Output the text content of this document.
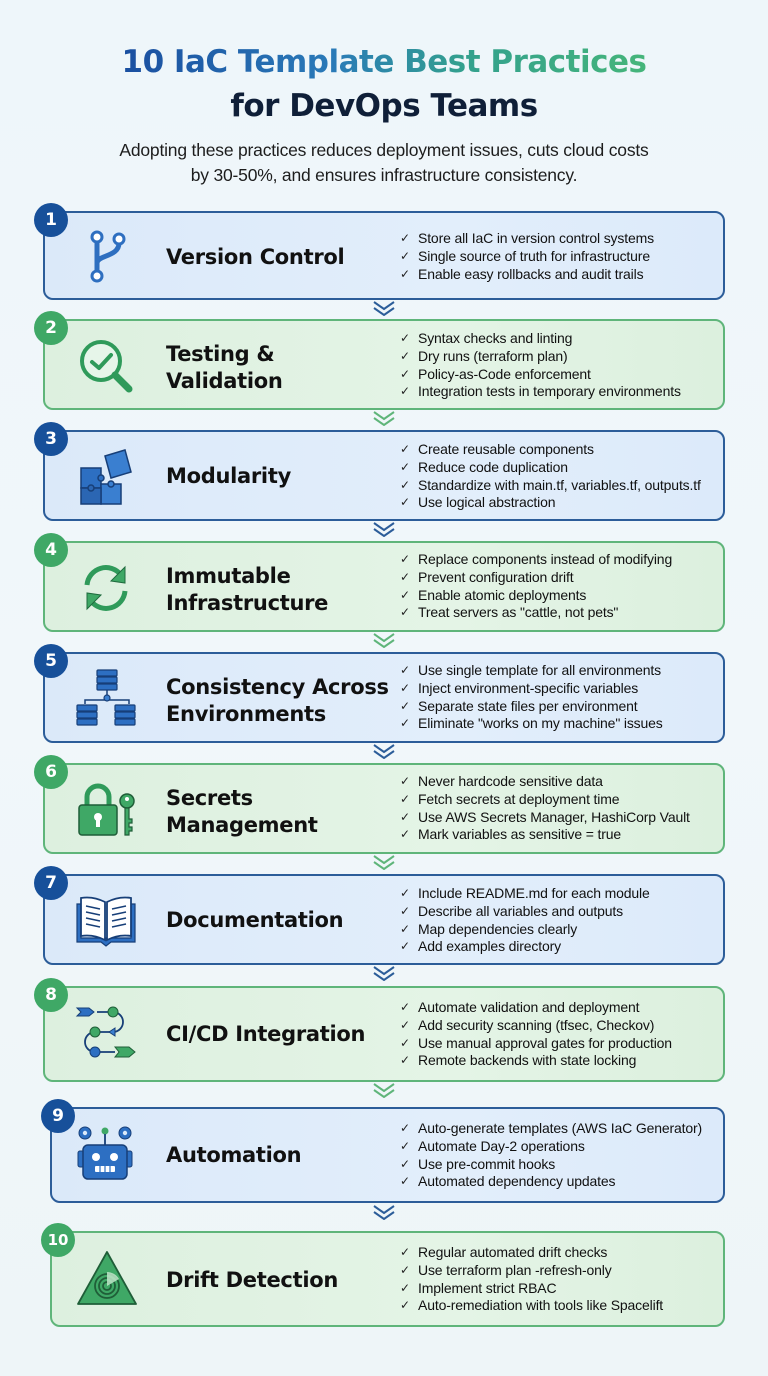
10 IaC Template Best Practices
for DevOps Teams
Adopting these practices reduces deployment issues, cuts cloud costs
by 30-50%, and ensures infrastructure consistency.
1
Version Control
✓ Store all IaC in version control systems
✓ Single source of truth for infrastructure
✓ Enable easy rollbacks and audit trails
2
Testing &
Validation
✓ Syntax checks and linting
✓ Dry runs (terraform plan)
✓ Policy-as-Code enforcement
✓ Integration tests in temporary environments
3
Modularity
✓ Create reusable components
✓ Reduce code duplication
✓ Standardize with main.tf, variables.tf, outputs.tf
✓ Use logical abstraction
4
Immutable
Infrastructure
✓ Replace components instead of modifying
✓ Prevent configuration drift
✓ Enable atomic deployments
✓ Treat servers as "cattle, not pets"
5
Consistency Across
Environments
✓ Use single template for all environments
✓ Inject environment-specific variables
✓ Separate state files per environment
✓ Eliminate "works on my machine" issues
6
Secrets
Management
✓ Never hardcode sensitive data
✓ Fetch secrets at deployment time
✓ Use AWS Secrets Manager, HashiCorp Vault
✓ Mark variables as sensitive = true
7
Documentation
✓ Include README.md for each module
✓ Describe all variables and outputs
✓ Map dependencies clearly
✓ Add examples directory
8
CI/CD Integration
✓ Automate validation and deployment
✓ Add security scanning (tfsec, Checkov)
✓ Use manual approval gates for production
✓ Remote backends with state locking
9
Automation
✓ Auto-generate templates (AWS IaC Generator)
✓ Automate Day-2 operations
✓ Use pre-commit hooks
✓ Automated dependency updates
10
Drift Detection
✓ Regular automated drift checks
✓ Use terraform plan -refresh-only
✓ Implement strict RBAC
✓ Auto-remediation with tools like Spacelift
